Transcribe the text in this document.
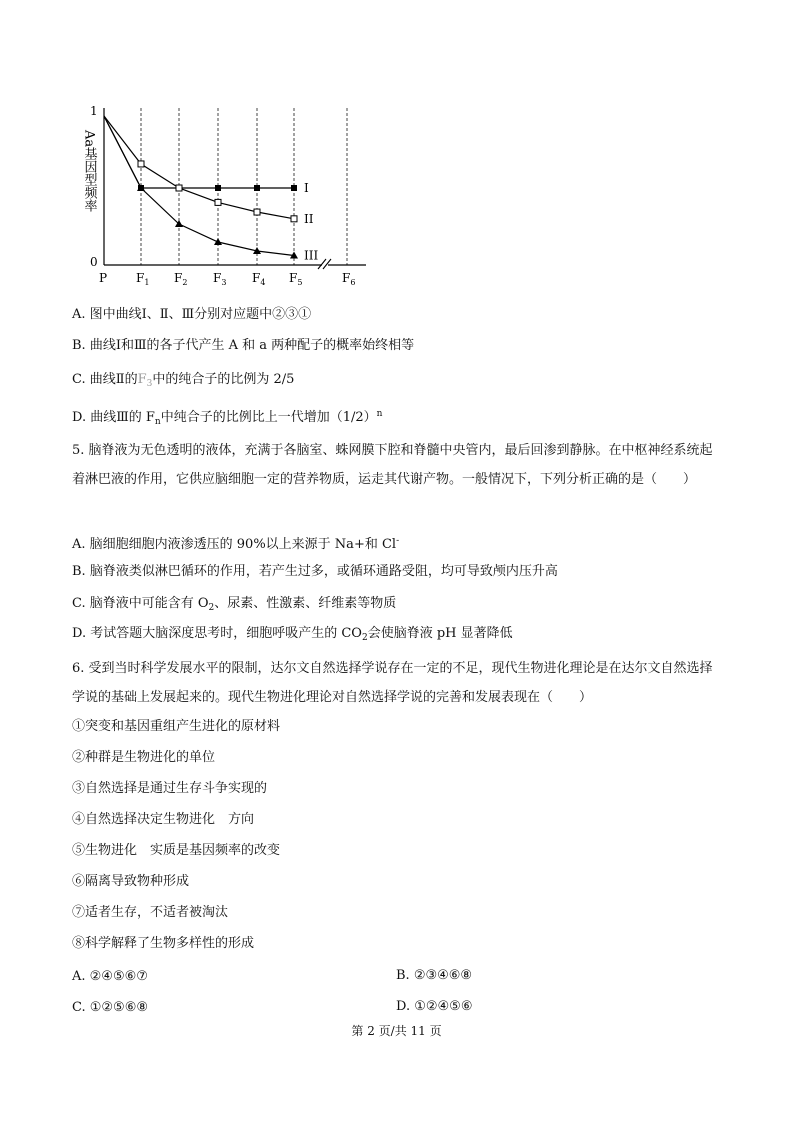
1
0
Aa基因型频率	I
II
III
P $F_1$ $F_2$ $F_3$ $F_4$ $F_5$	$F_6$
A. 图中曲线Ⅰ、Ⅱ、Ⅲ分别对应题中②③①
B. 曲线Ⅰ和Ⅲ的各子代产生 A 和 a 两种配子的概率始终相等
C. 曲线Ⅱ的$F_3$中的纯合子的比例为 2/5
D. 曲线Ⅲ的 $F_n$中纯合子的比例比上一代增加$(1/2)^n$
5. 脑脊液为无色透明的液体，充满于各脑室、蛛网膜下腔和脊髓中央管内，最后回渗到静脉。在中枢神经系统起着淋巴液的作用，它供应脑细胞一定的营养物质，运走其代谢产物。一般情况下，下列分析正确的是（　　）
A. 脑细胞细胞内液渗透压的 90%以上来源于 Na+和 Cl-
B. 脑脊液类似淋巴循环的作用，若产生过多，或循环通路受阻，均可导致颅内压升高
C. 脑脊液中可能含有 $O_2$、尿素、性激素、纤维素等物质
D. 考试答题大脑深度思考时，细胞呼吸产生的 $CO_2$会使脑脊液 pH 显著降低
6. 受到当时科学发展水平的限制，达尔文自然选择学说存在一定的不足，现代生物进化理论是在达尔文自然选择学说的基础上发展起来的。现代生物进化理论对自然选择学说的完善和发展表现在（　　）
①突变和基因重组产生进化的原材料
②种群是生物进化的单位
③自然选择是通过生存斗争实现的
④自然选择决定生物进化　方向
⑤生物进化　实质是基因频率的改变
⑥隔离导致物种形成
⑦适者生存，不适者被淘汰
⑧科学解释了生物多样性的形成
A. ②④⑤⑥⑦	B. ②③④⑥⑧
C. ①②⑤⑥⑧	D. ①②④⑤⑥
第 2 页/共 11 页
